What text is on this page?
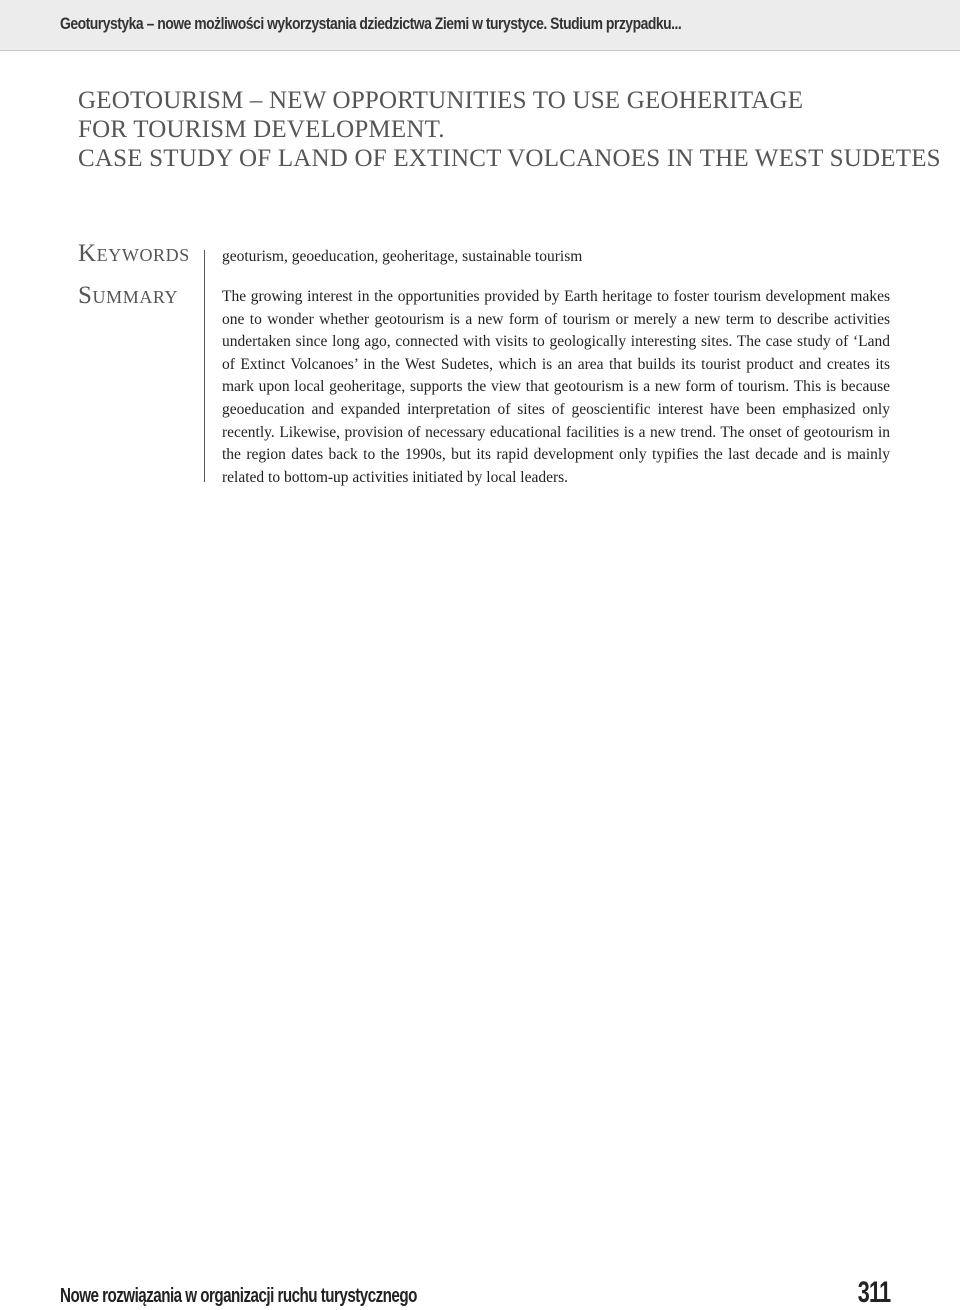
Geoturystyka – nowe możliwości wykorzystania dziedzictwa Ziemi w turystyce. Studium przypadku...
GEOTOURISM – NEW OPPORTUNITIES TO USE GEOHERITAGE
FOR TOURISM DEVELOPMENT.
CASE STUDY OF LAND OF EXTINCT VOLCANOES IN THE WEST SUDETES
Keywords
Summary
geoturism, geoeducation, geoheritage, sustainable tourism
The growing interest in the opportunities provided by Earth heritage to foster tourism development makes one to wonder whether geotourism is a new form of tourism or merely a new term to describe activities undertaken since long ago, connected with visits to geologically interesting sites. The case study of ‘Land of Extinct Volcanoes’ in the West Sudetes, which is an area that builds its tourist product and creates its mark upon local geoheritage, supports the view that geotourism is a new form of tourism. This is because geoeducation and expanded interpretation of sites of geoscientific interest have been emphasized only recently. Likewise, provision of necessary educational facilities is a new trend. The onset of geotourism in the region dates back to the 1990s, but its rapid development only typifies the last decade and is mainly related to bottom-up activities initiated by local leaders.
Nowe rozwiązania w organizacji ruchu turystycznego	311
